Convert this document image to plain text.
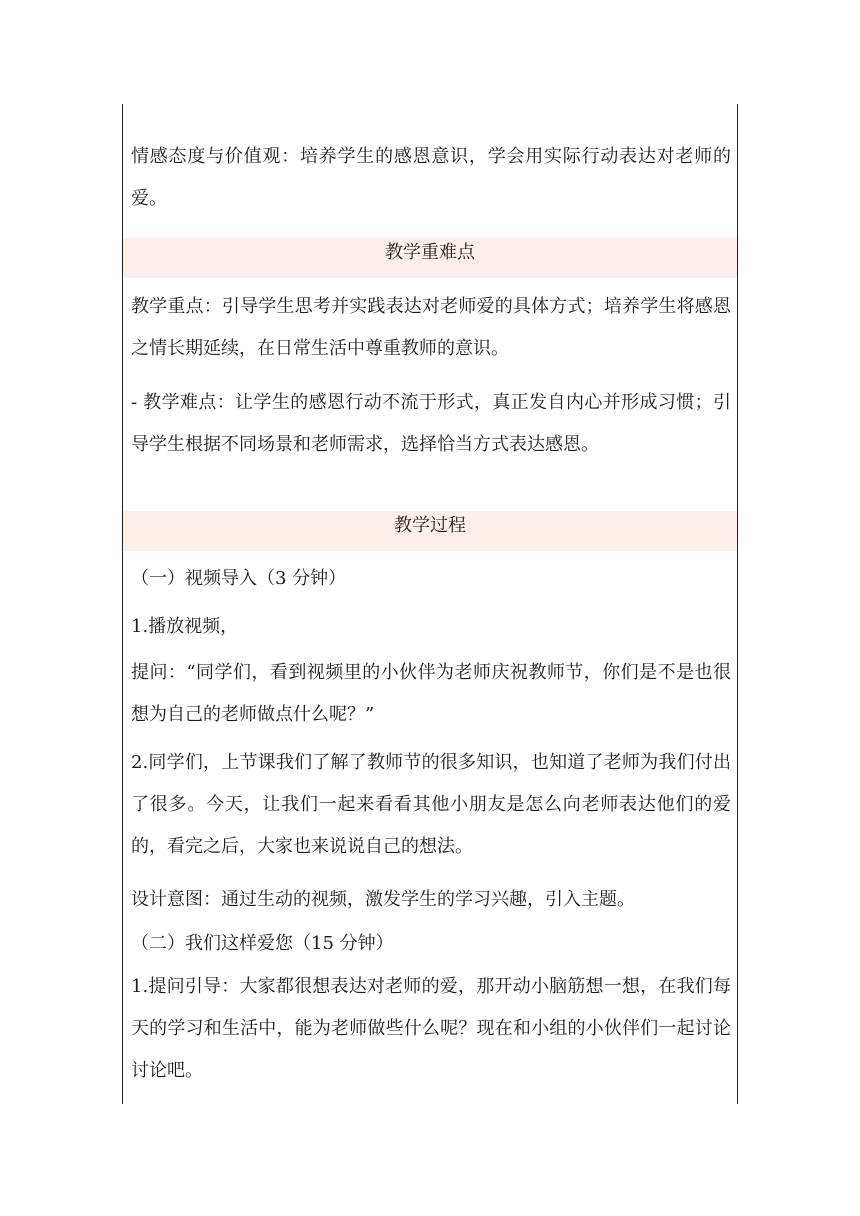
情感态度与价值观：培养学生的感恩意识，学会用实际行动表达对老师的爱。

教学重难点

教学重点：引导学生思考并实践表达对老师爱的具体方式；培养学生将感恩之情长期延续，在日常生活中尊重教师的意识。

- 教学难点：让学生的感恩行动不流于形式，真正发自内心并形成习惯；引导学生根据不同场景和老师需求，选择恰当方式表达感恩。

教学过程

（一）视频导入（3 分钟）

1.播放视频，

提问：“同学们，看到视频里的小伙伴为老师庆祝教师节，你们是不是也很想为自己的老师做点什么呢？”

2.同学们，上节课我们了解了教师节的很多知识，也知道了老师为我们付出了很多。今天，让我们一起来看看其他小朋友是怎么向老师表达他们的爱的，看完之后，大家也来说说自己的想法。

设计意图：通过生动的视频，激发学生的学习兴趣，引入主题。

（二）我们这样爱您（15 分钟）

1.提问引导：大家都很想表达对老师的爱，那开动小脑筋想一想，在我们每天的学习和生活中，能为老师做些什么呢？现在和小组的小伙伴们一起讨论讨论吧。
